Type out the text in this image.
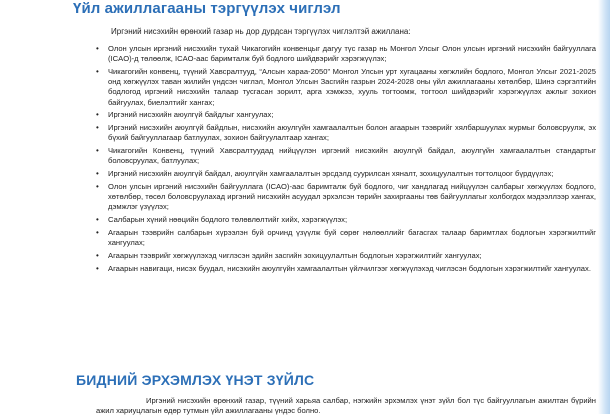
Үйл ажиллагааны тэргүүлэх чиглэл

Иргэний нисэхийн өрөнхий газар нь дор дурдсан тэргүүлэх чиглэлтэй ажиллана:

• Олон улсын иргэний нисэхийн тухай Чикагогийн конвенцыг дагуу түс газар нь Монгол Улсыг Олон улсын иргэний нисэхийн байгууллага (ICAO)-д төлөөлж, ICAO-аас баримталж буй бодлого шийдвэрийг хэрэгжүүлэх;
• Чикагогийн конвенц, түүний Хавсралтууд, “Алсын хараа-2050” Монгол Улсын урт хугацааны хөгжлийн бодлого, Монгол Улсыг 2021-2025 онд хөгжүүлэх таван жилийн үндсэн чиглэл, Монгол Улсын Засгийн газрын 2024-2028 оны үйл ажиллагааны хөтөлбөр, Шинэ сэргэлтийн бодлогод иргэний нисэхийн талаар тусгасан зорилт, арга хэмжээ, хууль тогтоомж, тогтоол шийдвэрийг хэрэгжүүлэх ажлыг зохион байгуулах, биелэлтийг хангах;
• Иргэний нисэхийн аюулгүй байдлыг хангуулах;
• Иргэний нисэхийн аюулгүй байдлын, нисэхийн аюулгүйн хамгаалалтын болон агаарын тээврийг хялбаршуулах журмыг боловсруулж, эх бүхий байгууллагаар батлуулах, зохион байгуулалтаар хангах;
• Чикагогийн Конвенц, түүний Хавсралтуудад нийцүүлэн иргэний нисэхийн аюулгүй байдал, аюулгүйн хамгаалалтын стандартыг боловсруулах, батлуулах;
• Иргэний нисэхийн аюулгүй байдал, аюулгүйн хамгаалалтын эрсдэлд суурилсан хяналт, зохицуулалтын тогтолцоог бүрдүүлэх;
• Олон улсын иргэний нисэхийн байгууллага (ICAO)-аас баримталж буй бодлого, чиг хандлагад нийцүүлэн салбарыг хөгжүүлэх бодлого, хөтөлбөр, төсөл боловсруулахад иргэний нисэхийн асуудал эрхэлсэн төрийн захиргааны төв байгууллагыг холбогдох мэдээллээр хангах, дэмжлэг үзүүлэх;
• Салбарын хүний нөөцийн бодлого төлөвлөлтийг хийх, хэрэгжүүлэх;
• Агаарын тээврийн салбарын хүрээлэн буй орчинд үзүүлж буй сөрөг нөлөөллийг багасгах талаар баримтлах бодлогын хэрэгжилтийг хангуулах;
• Агаарын тээврийг хөгжүүлэхэд чиглэсэн эдийн засгийн зохицуулалтын бодлогын хэрэгжилтийг хангуулах;
• Агаарын навигаци, нисэх буудал, нисэхийн аюулгүйн хамгаалалтын үйлчилгээг хөгжүүлэхэд чиглэсэн бодлогын хэрэгжилтийг хангуулах.
БИДНИЙ ЭРХЭМЛЭХ ҮНЭТ ЗҮЙЛС

Иргэний нисэхийн өрөнхий газар, түүний харьяа салбар, нэгжийн эрхэмлэх үнэт зүйл бол түс байгууллагын ажилтан бүрийн ажил хариуцлагын өдөр тутмын үйл ажиллагааны үндэс болно.
